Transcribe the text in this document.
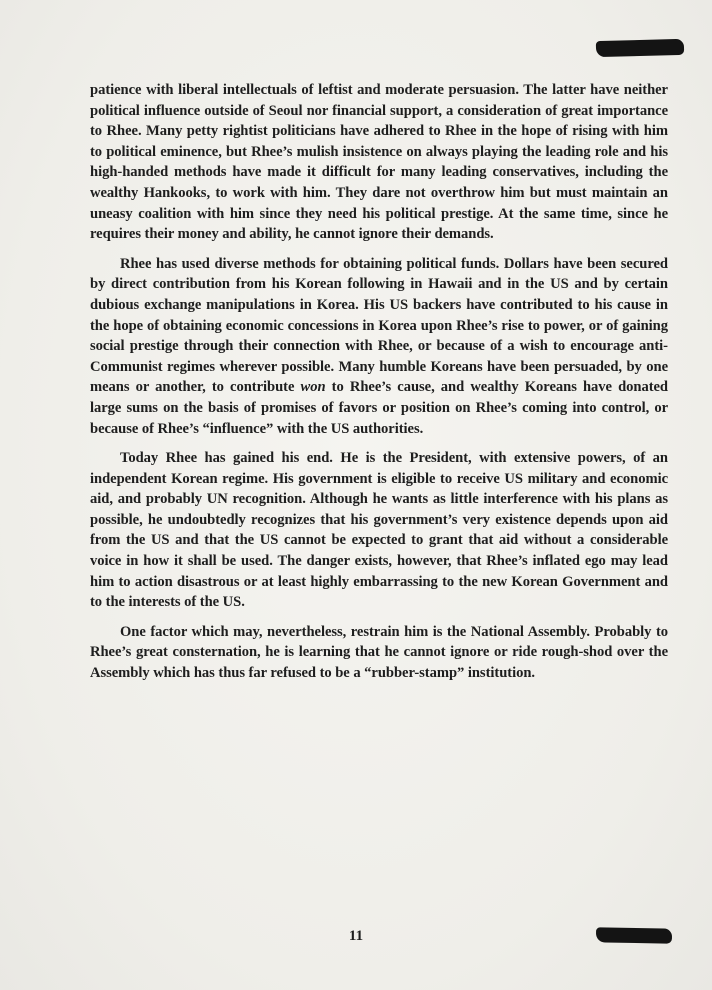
patience with liberal intellectuals of leftist and moderate persuasion. The latter have neither political influence outside of Seoul nor financial support, a consideration of great importance to Rhee. Many petty rightist politicians have adhered to Rhee in the hope of rising with him to political eminence, but Rhee’s mulish insistence on always playing the leading role and his high-handed methods have made it difficult for many leading conservatives, including the wealthy Hankooks, to work with him. They dare not overthrow him but must maintain an uneasy coalition with him since they need his political prestige. At the same time, since he requires their money and ability, he cannot ignore their demands.

Rhee has used diverse methods for obtaining political funds. Dollars have been secured by direct contribution from his Korean following in Hawaii and in the US and by certain dubious exchange manipulations in Korea. His US backers have contributed to his cause in the hope of obtaining economic concessions in Korea upon Rhee’s rise to power, or of gaining social prestige through their connection with Rhee, or because of a wish to encourage anti-Communist regimes wherever possible. Many humble Koreans have been persuaded, by one means or another, to contribute won to Rhee’s cause, and wealthy Koreans have donated large sums on the basis of promises of favors or position on Rhee’s coming into control, or because of Rhee’s “influence” with the US authorities.

Today Rhee has gained his end. He is the President, with extensive powers, of an independent Korean regime. His government is eligible to receive US military and economic aid, and probably UN recognition. Although he wants as little interference with his plans as possible, he undoubtedly recognizes that his government’s very existence depends upon aid from the US and that the US cannot be expected to grant that aid without a considerable voice in how it shall be used. The danger exists, however, that Rhee’s inflated ego may lead him to action disastrous or at least highly embarrassing to the new Korean Government and to the interests of the US.

One factor which may, nevertheless, restrain him is the National Assembly. Probably to Rhee’s great consternation, he is learning that he cannot ignore or ride rough-shod over the Assembly which has thus far refused to be a “rubber-stamp” institution.

11
